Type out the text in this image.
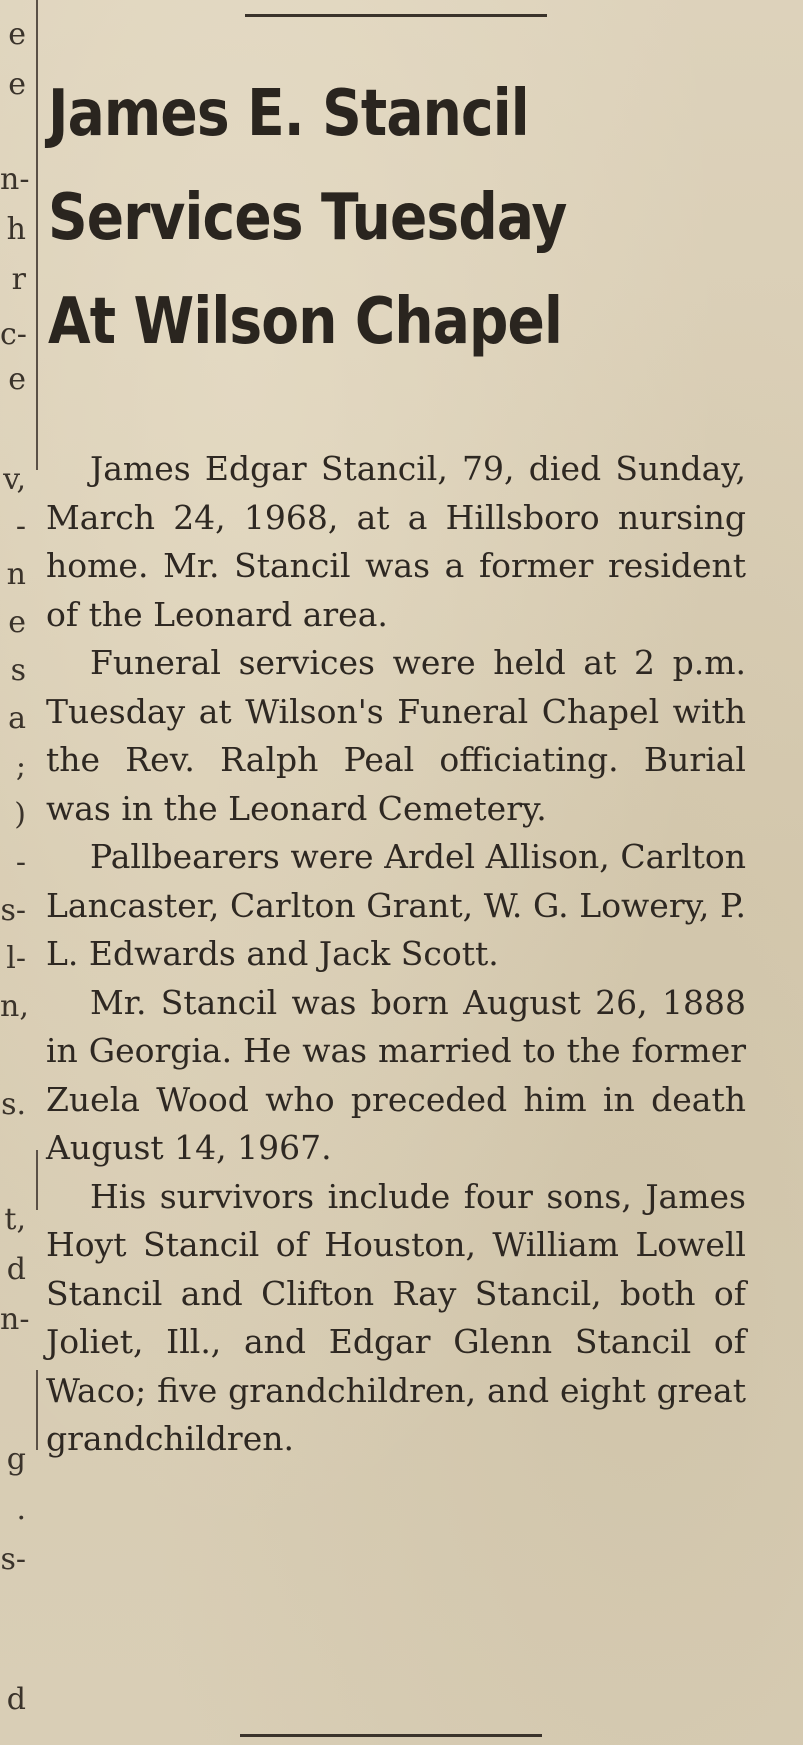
e
e
n-
h
r
c-
e
v,
-
n
e
s
a
;
)
-
s-
l-
n,
s.
t,
d
n-
g
.
s-
d
James E. Stancil
Services Tuesday
At Wilson Chapel

James Edgar Stancil, 79, died Sunday, March 24, 1968, at a Hillsboro nursing home. Mr. Stancil was a former resident of the Leonard area.

Funeral services were held at 2 p.m. Tuesday at Wilson's Funeral Chapel with the Rev. Ralph Peal officiating. Burial was in the Leonard Cemetery.

Pallbearers were Ardel Allison, Carlton Lancaster, Carlton Grant, W. G. Lowery, P. L. Edwards and Jack Scott.

Mr. Stancil was born August 26, 1888 in Georgia. He was married to the former Zuela Wood who preceded him in death August 14, 1967.

His survivors include four sons, James Hoyt Stancil of Houston, William Lowell Stancil and Clifton Ray Stancil, both of Joliet, Ill., and Edgar Glenn Stancil of Waco; five grandchildren, and eight great grandchildren.
